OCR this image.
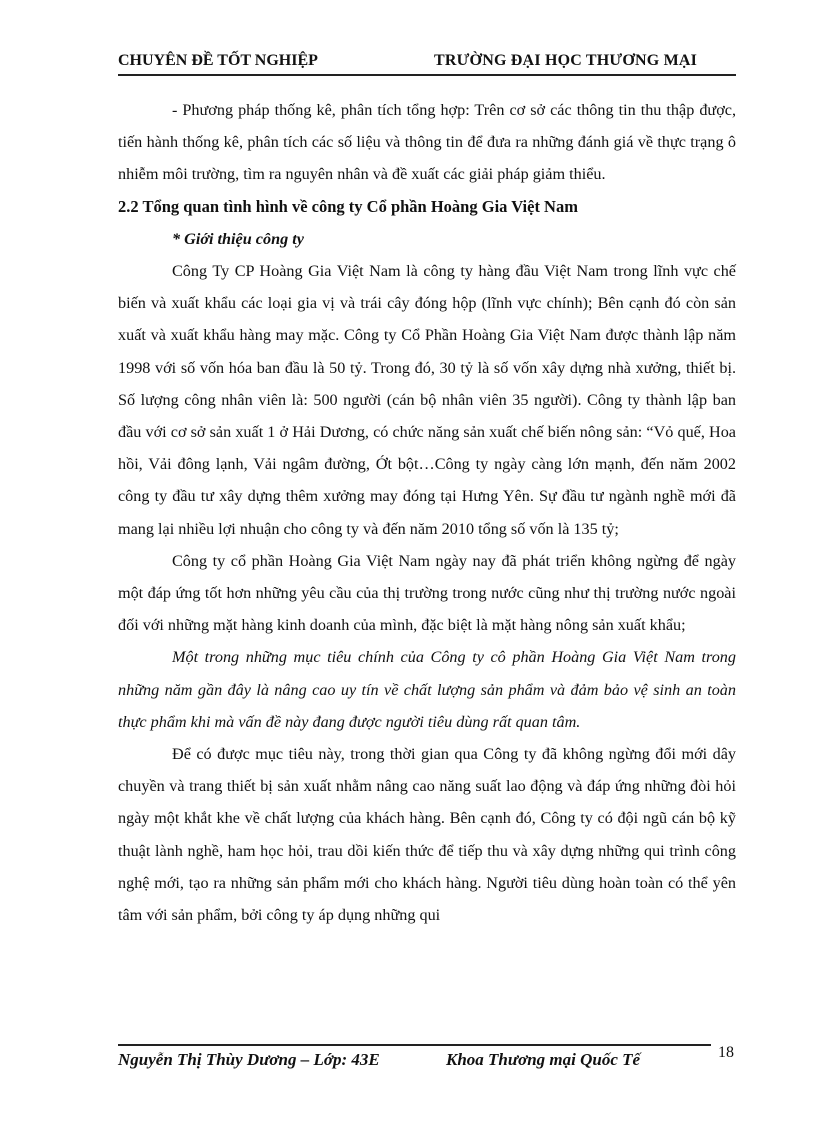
CHUYÊN ĐỀ TỐT NGHIỆP	TRƯỜNG ĐẠI HỌC THƯƠNG MẠI

- Phương pháp thống kê, phân tích tổng hợp: Trên cơ sở các thông tin thu thập được, tiến hành thống kê, phân tích các số liệu và thông tin để đưa ra những đánh giá về thực trạng ô nhiễm môi trường, tìm ra nguyên nhân và đề xuất các giải pháp giảm thiểu.

2.2 Tổng quan tình hình về công ty Cổ phần Hoàng Gia Việt Nam

* Giới thiệu công ty

Công Ty CP Hoàng Gia Việt Nam là công ty hàng đầu Việt Nam trong lĩnh vực chế biến và xuất khẩu các loại gia vị và trái cây đóng hộp (lĩnh vực chính); Bên cạnh đó còn sản xuất và xuất khẩu hàng may mặc. Công ty Cổ Phần Hoàng Gia Việt Nam được thành lập năm 1998 với số vốn hóa ban đầu là 50 tỷ. Trong đó, 30 tỷ là số vốn xây dựng nhà xưởng, thiết bị. Số lượng công nhân viên là: 500 người (cán bộ nhân viên 35 người). Công ty thành lập ban đầu với cơ sở sản xuất 1 ở Hải Dương, có chức năng sản xuất chế biến nông sản: “Vỏ quế, Hoa hồi, Vải đông lạnh, Vải ngâm đường, Ớt bột…Công ty ngày càng lớn mạnh, đến năm 2002 công ty đầu tư xây dựng thêm xưởng may đóng tại Hưng Yên. Sự đầu tư ngành nghề mới đã mang lại nhiều lợi nhuận cho công ty và đến năm 2010 tổng số vốn là 135 tỷ;

Công ty cổ phần Hoàng Gia Việt Nam ngày nay đã phát triển không ngừng để ngày một đáp ứng tốt hơn những yêu cầu của thị trường trong nước cũng như thị trường nước ngoài đối với những mặt hàng kinh doanh của mình, đặc biệt là mặt hàng nông sản xuất khẩu;

Một trong những mục tiêu chính của Công ty cô phần Hoàng Gia Việt Nam trong những năm gần đây là nâng cao uy tín về chất lượng sản phẩm và đảm bảo vệ sinh an toàn thực phẩm khi mà vấn đề này đang được người tiêu dùng rất quan tâm.

Để có được mục tiêu này, trong thời gian qua Công ty đã không ngừng đổi mới dây chuyền và trang thiết bị sản xuất nhằm nâng cao năng suất lao động và đáp ứng những đòi hỏi ngày một khắt khe về chất lượng của khách hàng. Bên cạnh đó, Công ty có đội ngũ cán bộ kỹ thuật lành nghề, ham học hỏi, trau dồi kiến thức để tiếp thu và xây dựng những qui trình công nghệ mới, tạo ra những sản phẩm mới cho khách hàng. Người tiêu dùng hoàn toàn có thể yên tâm với sản phẩm, bởi công ty áp dụng những qui

Nguyễn Thị Thùy Dương – Lớp: 43E	Khoa Thương mại Quốc Tế	18
